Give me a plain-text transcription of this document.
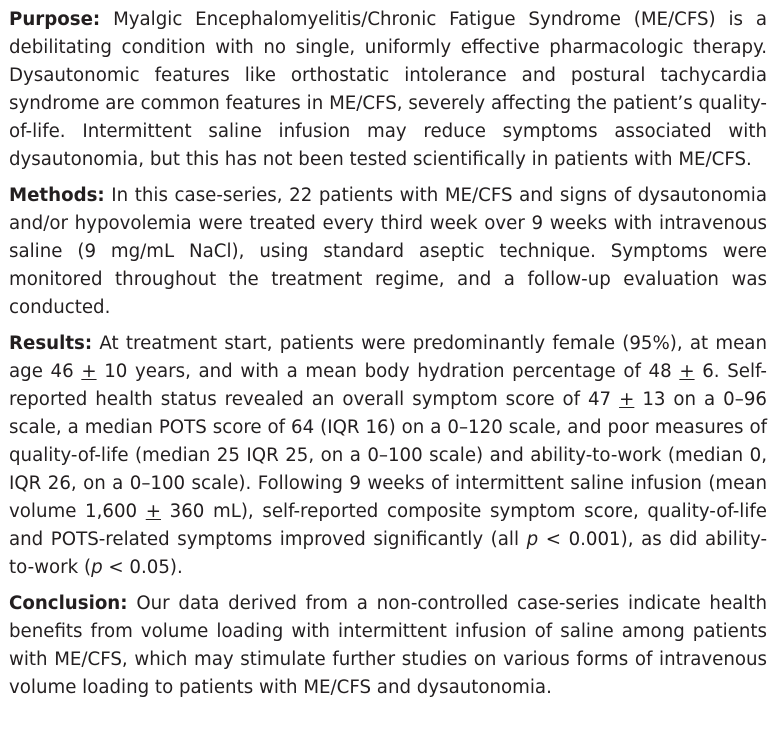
Purpose: Myalgic Encephalomyelitis/Chronic Fatigue Syndrome (ME/CFS) is a debilitating condition with no single, uniformly effective pharmacologic therapy. Dysautonomic features like orthostatic intolerance and postural tachycardia syndrome are common features in ME/CFS, severely affecting the patient’s quality-of-life. Intermittent saline infusion may reduce symptoms associated with dysautonomia, but this has not been tested scientifically in patients with ME/CFS.

Methods: In this case-series, 22 patients with ME/CFS and signs of dysautonomia and/or hypovolemia were treated every third week over 9 weeks with intravenous saline (9 mg/mL NaCl), using standard aseptic technique. Symptoms were monitored throughout the treatment regime, and a follow-up evaluation was conducted.

Results: At treatment start, patients were predominantly female (95%), at mean age 46 + 10 years, and with a mean body hydration percentage of 48 + 6. Self-reported health status revealed an overall symptom score of 47 + 13 on a 0–96 scale, a median POTS score of 64 (IQR 16) on a 0–120 scale, and poor measures of quality-of-life (median 25 IQR 25, on a 0–100 scale) and ability-to-work (median 0, IQR 26, on a 0–100 scale). Following 9 weeks of intermittent saline infusion (mean volume 1,600 + 360 mL), self-reported composite symptom score, quality-of-life and POTS-related symptoms improved significantly (all p < 0.001), as did ability-to-work (p < 0.05).

Conclusion: Our data derived from a non-controlled case-series indicate health benefits from volume loading with intermittent infusion of saline among patients with ME/CFS, which may stimulate further studies on various forms of intravenous volume loading to patients with ME/CFS and dysautonomia.
